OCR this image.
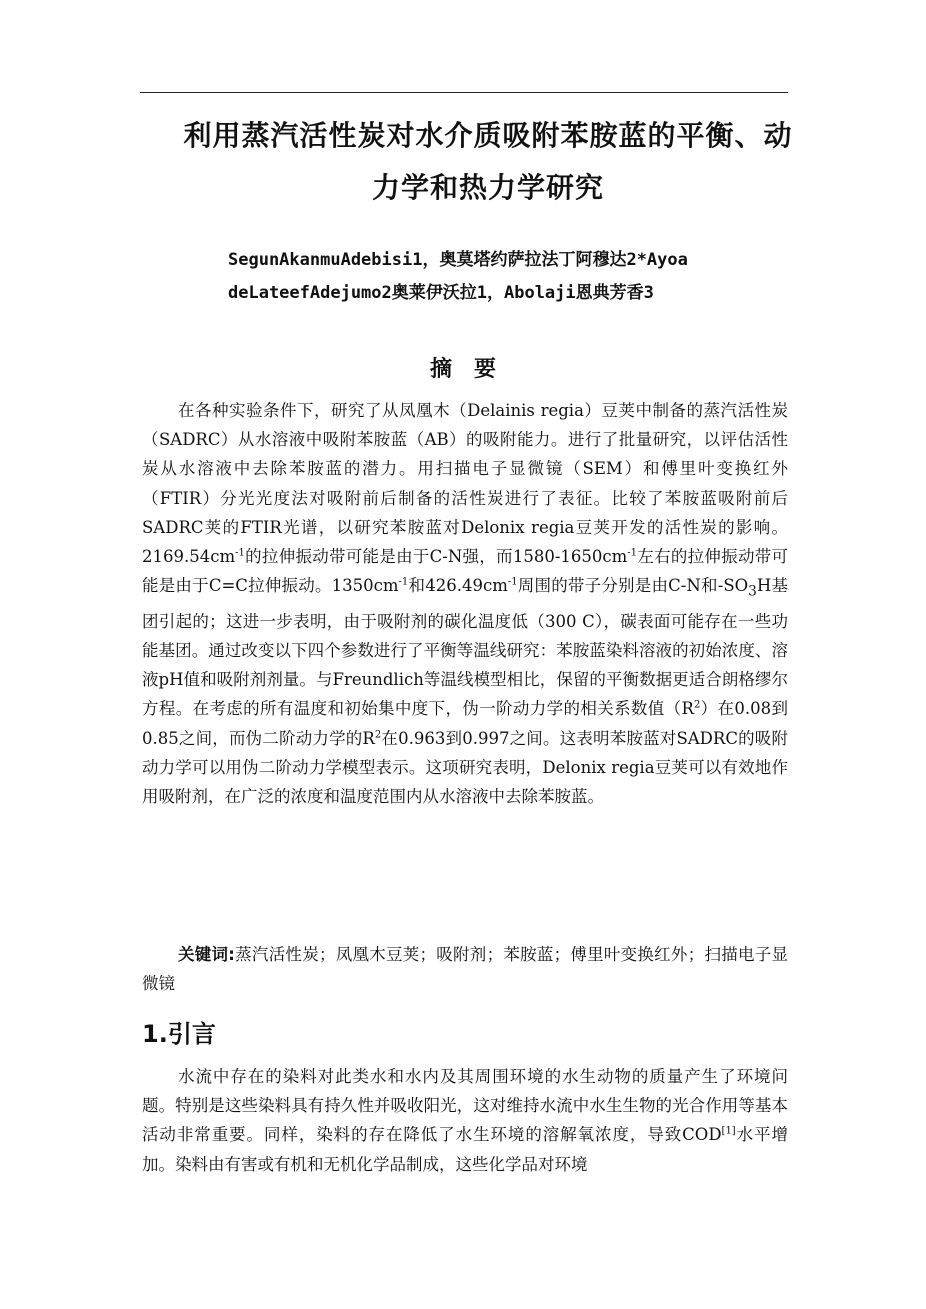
利用蒸汽活性炭对水介质吸附苯胺蓝的平衡、动
力学和热力学研究
SegunAkanmuAdebisi1，奥莫塔约萨拉法丁阿穆达2*Ayoa
deLateefAdejumo2奥莱伊沃拉1，Abolaji恩典芳香3
摘要

在各种实验条件下，研究了从凤凰木（Delainis regia）豆荚中制备的蒸汽活性炭（SADRC）从水溶液中吸附苯胺蓝（AB）的吸附能力。进行了批量研究，以评估活性炭从水溶液中去除苯胺蓝的潜力。用扫描电子显微镜（SEM）和傅里叶变换红外（FTIR）分光光度法对吸附前后制备的活性炭进行了表征。比较了苯胺蓝吸附前后SADRC荚的FTIR光谱，以研究苯胺蓝对Delonix regia豆荚开发的活性炭的影响。$2169.54cm^{-1}$的拉伸振动带可能是由于C-N强，而$1580-1650cm^{-1}$左右的拉伸振动带可能是由于C=C拉伸振动。$1350cm^{-1}$和$426.49cm^{-1}$周围的带子分别是由C-N和$-SO_3H$基团引起的；这进一步表明，由于吸附剂的碳化温度低（300 C），碳表面可能存在一些功能基团。通过改变以下四个参数进行了平衡等温线研究：苯胺蓝染料溶液的初始浓度、溶液pH值和吸附剂剂量。与Freundlich等温线模型相比，保留的平衡数据更适合朗格缪尔方程。在考虑的所有温度和初始集中度下，伪一阶动力学的相关系数值$(R^2)$在0.08到0.85之间，而伪二阶动力学的$R^2$在0.963到0.997之间。这表明苯胺蓝对SADRC的吸附动力学可以用伪二阶动力学模型表示。这项研究表明，Delonix regia豆荚可以有效地作用吸附剂，在广泛的浓度和温度范围内从水溶液中去除苯胺蓝。

关键词:蒸汽活性炭；凤凰木豆荚；吸附剂；苯胺蓝；傅里叶变换红外；扫描电子显微镜

1.引言

水流中存在的染料对此类水和水内及其周围环境的水生动物的质量产生了环境问题。特别是这些染料具有持久性并吸收阳光，这对维持水流中水生生物的光合作用等基本活动非常重要。同样，染料的存在降低了水生环境的溶解氧浓度，导致COD[1]水平增加。染料由有害或有机和无机化学品制成，这些化学品对环境
